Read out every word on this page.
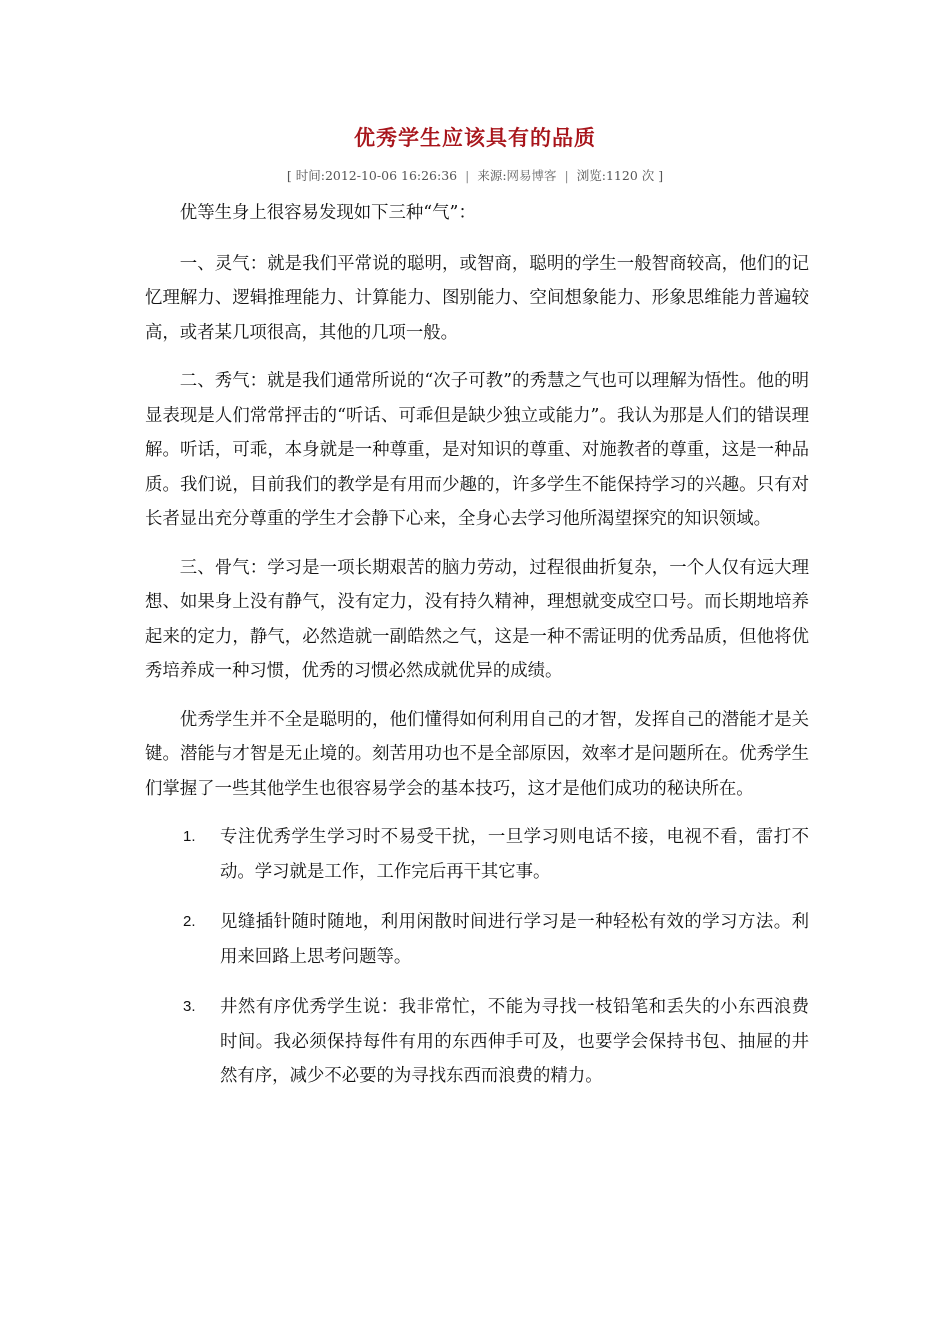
优秀学生应该具有的品质
[ 时间:2012-10-06 16:26:36 | 来源:网易博客 | 浏览:1120 次 ]

优等生身上很容易发现如下三种“气”：

一、灵气：就是我们平常说的聪明，或智商，聪明的学生一般智商较高，他们的记忆理解力、逻辑推理能力、计算能力、图别能力、空间想象能力、形象思维能力普遍较高，或者某几项很高，其他的几项一般。

二、秀气：就是我们通常所说的“次子可教”的秀慧之气也可以理解为悟性。他的明显表现是人们常常抨击的“听话、可乖但是缺少独立或能力”。我认为那是人们的错误理解。听话，可乖，本身就是一种尊重，是对知识的尊重、对施教者的尊重，这是一种品质。我们说，目前我们的教学是有用而少趣的，许多学生不能保持学习的兴趣。只有对长者显出充分尊重的学生才会静下心来，全身心去学习他所渴望探究的知识领域。

三、骨气：学习是一项长期艰苦的脑力劳动，过程很曲折复杂，一个人仅有远大理想、如果身上没有静气，没有定力，没有持久精神，理想就变成空口号。而长期地培养起来的定力，静气，必然造就一副皓然之气，这是一种不需证明的优秀品质，但他将优秀培养成一种习惯，优秀的习惯必然成就优异的成绩。

优秀学生并不全是聪明的，他们懂得如何利用自己的才智，发挥自己的潜能才是关键。潜能与才智是无止境的。刻苦用功也不是全部原因，效率才是问题所在。优秀学生们掌握了一些其他学生也很容易学会的基本技巧，这才是他们成功的秘诀所在。

1. 专注优秀学生学习时不易受干扰，一旦学习则电话不接，电视不看，雷打不动。学习就是工作，工作完后再干其它事。
2. 见缝插针随时随地，利用闲散时间进行学习是一种轻松有效的学习方法。利用来回路上思考问题等。
3. 井然有序优秀学生说：我非常忙，不能为寻找一枝铅笔和丢失的小东西浪费时间。我必须保持每件有用的东西伸手可及，也要学会保持书包、抽屉的井然有序，减少不必要的为寻找东西而浪费的精力。
